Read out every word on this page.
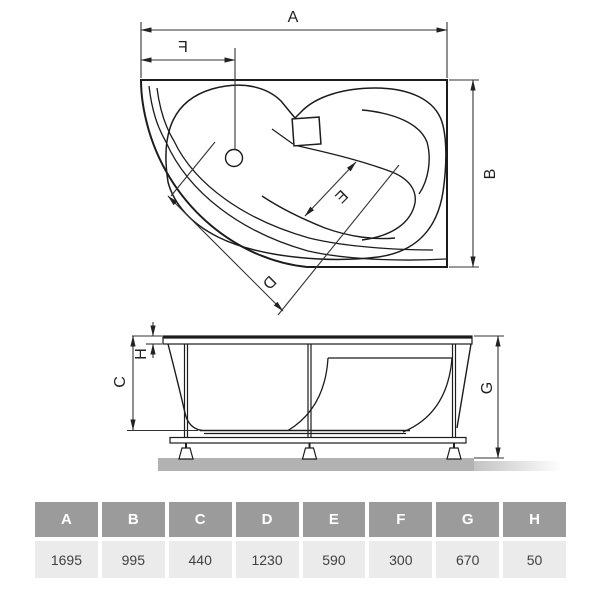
A
F
B
E
D
H
C	G
A	B	C	D	E	F	G	H
1695	995	440	1230	590	300	670	50
